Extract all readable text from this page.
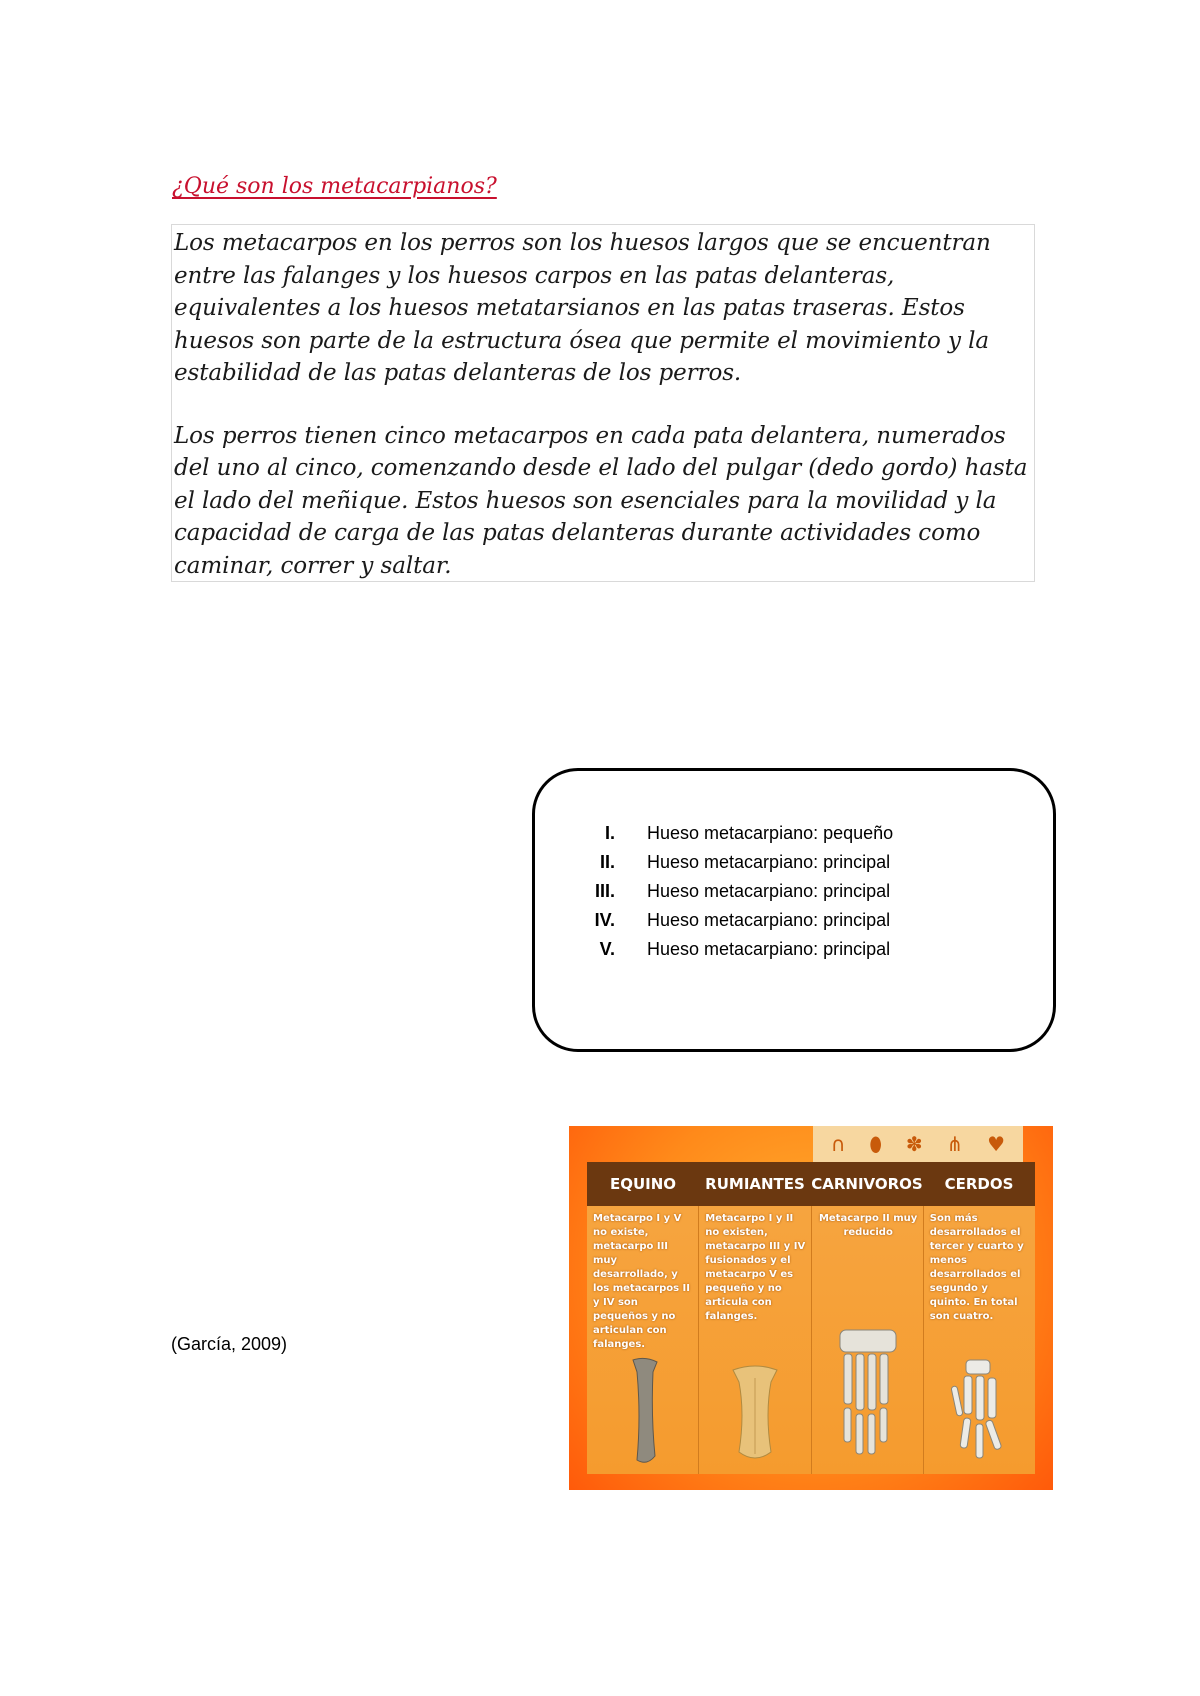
¿Qué son los metacarpianos?

Los metacarpos en los perros son los huesos largos que se encuentran entre las falanges y los huesos carpos en las patas delanteras, equivalentes a los huesos metatarsianos en las patas traseras. Estos huesos son parte de la estructura ósea que permite el movimiento y la estabilidad de las patas delanteras de los perros.

Los perros tienen cinco metacarpos en cada pata delantera, numerados del uno al cinco, comenzando desde el lado del pulgar (dedo gordo) hasta el lado del meñique. Estos huesos son esenciales para la movilidad y la capacidad de carga de las patas delanteras durante actividades como caminar, correr y saltar.

I. Hueso metacarpiano: pequeño
II. Hueso metacarpiano: principal
III. Hueso metacarpiano: principal
IV. Hueso metacarpiano: principal
V. Hueso metacarpiano: principal
(García, 2009)
∩ ⬮ ✽ ⋔ ♥
EQUINO	RUMIANTES CARNIVOROS	CERDOS
Metacarpo I y V no existe, metacarpo III muy desarrollado, y los metacarpos II y IV son pequeños y no articulan con falanges.
Metacarpo I y II no existen, metacarpo III y IV fusionados y el metacarpo V es pequeño y no articula con falanges.
Metacarpo II muy reducido
Son más desarrollados el tercer y cuarto y menos desarrollados el segundo y quinto. En total son cuatro.
